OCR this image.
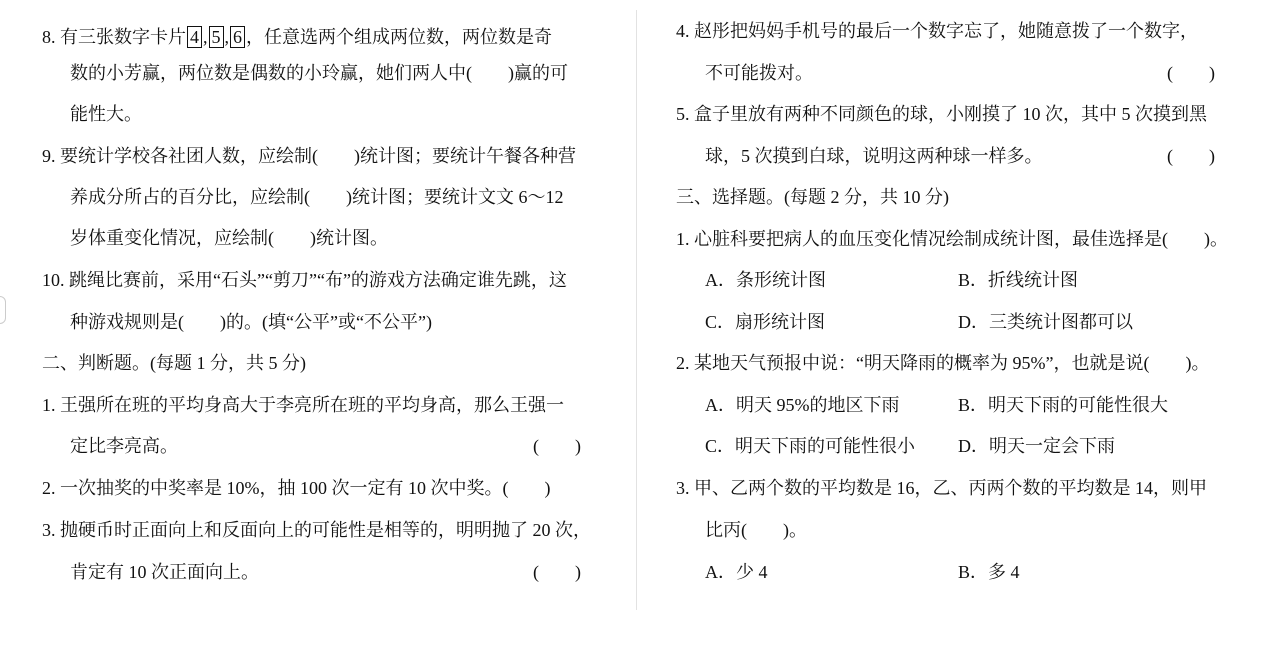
8. 有三张数字卡片 4 , 5 , 6 ，任意选两个组成两位数，两位数是奇
数的小芳赢，两位数是偶数的小玲赢，她们两人中(　　)赢的可
能性大。
9. 要统计学校各社团人数，应绘制(　　)统计图；要统计午餐各种营
养成分所占的百分比，应绘制(　　)统计图；要统计文文 6～12
岁体重变化情况，应绘制(　　)统计图。
10. 跳绳比赛前，采用“石头”“剪刀”“布”的游戏方法确定谁先跳，这
种游戏规则是(　　)的。(填“公平”或“不公平”)
二、判断题。(每题 1 分，共 5 分)
1. 王强所在班的平均身高大于李亮所在班的平均身高，那么王强一
定比李亮高。	(　　)
2. 一次抽奖的中奖率是 10%，抽 100 次一定有 10 次中奖。(　　)
3. 抛硬币时正面向上和反面向上的可能性是相等的，明明抛了 20 次，
肯定有 10 次正面向上。	(　　)
4. 赵彤把妈妈手机号的最后一个数字忘了，她随意拨了一个数字，
不可能拨对。	(　　)
5. 盒子里放有两种不同颜色的球，小刚摸了 10 次，其中 5 次摸到黑
球，5 次摸到白球，说明这两种球一样多。	(　　)
三、选择题。(每题 2 分，共 10 分)
1. 心脏科要把病人的血压变化情况绘制成统计图，最佳选择是(　　)。
A．条形统计图	B．折线统计图
C．扇形统计图	D．三类统计图都可以
2. 某地天气预报中说：“明天降雨的概率为 95%”，也就是说(　　)。
A．明天 95%的地区下雨	B．明天下雨的可能性很大
C．明天下雨的可能性很小 D．明天一定会下雨
3. 甲、乙两个数的平均数是 16，乙、丙两个数的平均数是 14，则甲
比丙(　　)。
A．少 4	B．多 4
